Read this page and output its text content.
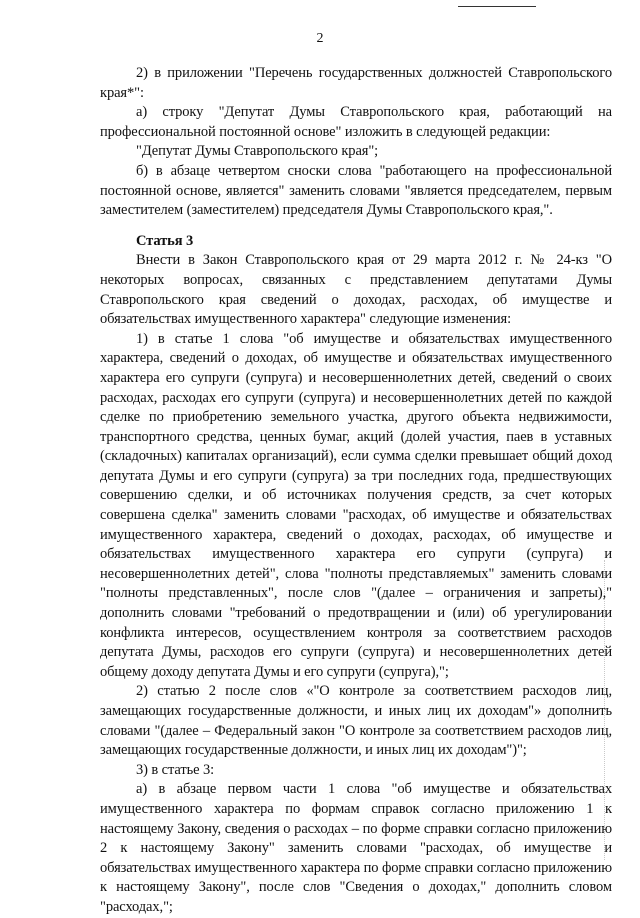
2

2) в приложении "Перечень государственных должностей Ставропольского края*":

а) строку "Депутат Думы Ставропольского края, работающий на профессиональной постоянной основе" изложить в следующей редакции:

"Депутат Думы Ставропольского края";

б) в абзаце четвертом сноски слова "работающего на профессиональной постоянной основе, является" заменить словами "является председателем, первым заместителем (заместителем) председателя Думы Ставропольского края,".

Статья 3

Внести в Закон Ставропольского края от 29 марта 2012 г. № 24-кз "О некоторых вопросах, связанных с представлением депутатами Думы Ставропольского края сведений о доходах, расходах, об имуществе и обязательствах имущественного характера" следующие изменения:

1) в статье 1 слова "об имуществе и обязательствах имущественного характера, сведений о доходах, об имуществе и обязательствах имущественного характера его супруги (супруга) и несовершеннолетних детей, сведений о своих расходах, расходах его супруги (супруга) и несовершеннолетних детей по каждой сделке по приобретению земельного участка, другого объекта недвижимости, транспортного средства, ценных бумаг, акций (долей участия, паев в уставных (складочных) капиталах организаций), если сумма сделки превышает общий доход депутата Думы и его супруги (супруга) за три последних года, предшествующих совершению сделки, и об источниках получения средств, за счет которых совершена сделка" заменить словами "расходах, об имуществе и обязательствах имущественного характера, сведений о доходах, расходах, об имуществе и обязательствах имущественного характера его супруги (супруга) и несовершеннолетних детей", слова "полноты представляемых" заменить словами "полноты представленных", после слов "(далее – ограничения и запреты)," дополнить словами "требований о предотвращении и (или) об урегулировании конфликта интересов, осуществлением контроля за соответствием расходов депутата Думы, расходов его супруги (супруга) и несовершеннолетних детей общему доходу депутата Думы и его супруги (супруга),";

2) статью 2 после слов «"О контроле за соответствием расходов лиц, замещающих государственные должности, и иных лиц их доходам"» дополнить словами "(далее – Федеральный закон "О контроле за соответствием расходов лиц, замещающих государственные должности, и иных лиц их доходам")";

3) в статье 3:

а) в абзаце первом части 1 слова "об имуществе и обязательствах имущественного характера по формам справок согласно приложению 1 к настоящему Закону, сведения о расходах – по форме справки согласно приложению 2 к настоящему Закону" заменить словами "расходах, об имуществе и обязательствах имущественного характера по форме справки согласно приложению к настоящему Закону", после слов "Сведения о доходах," дополнить словом "расходах,";
